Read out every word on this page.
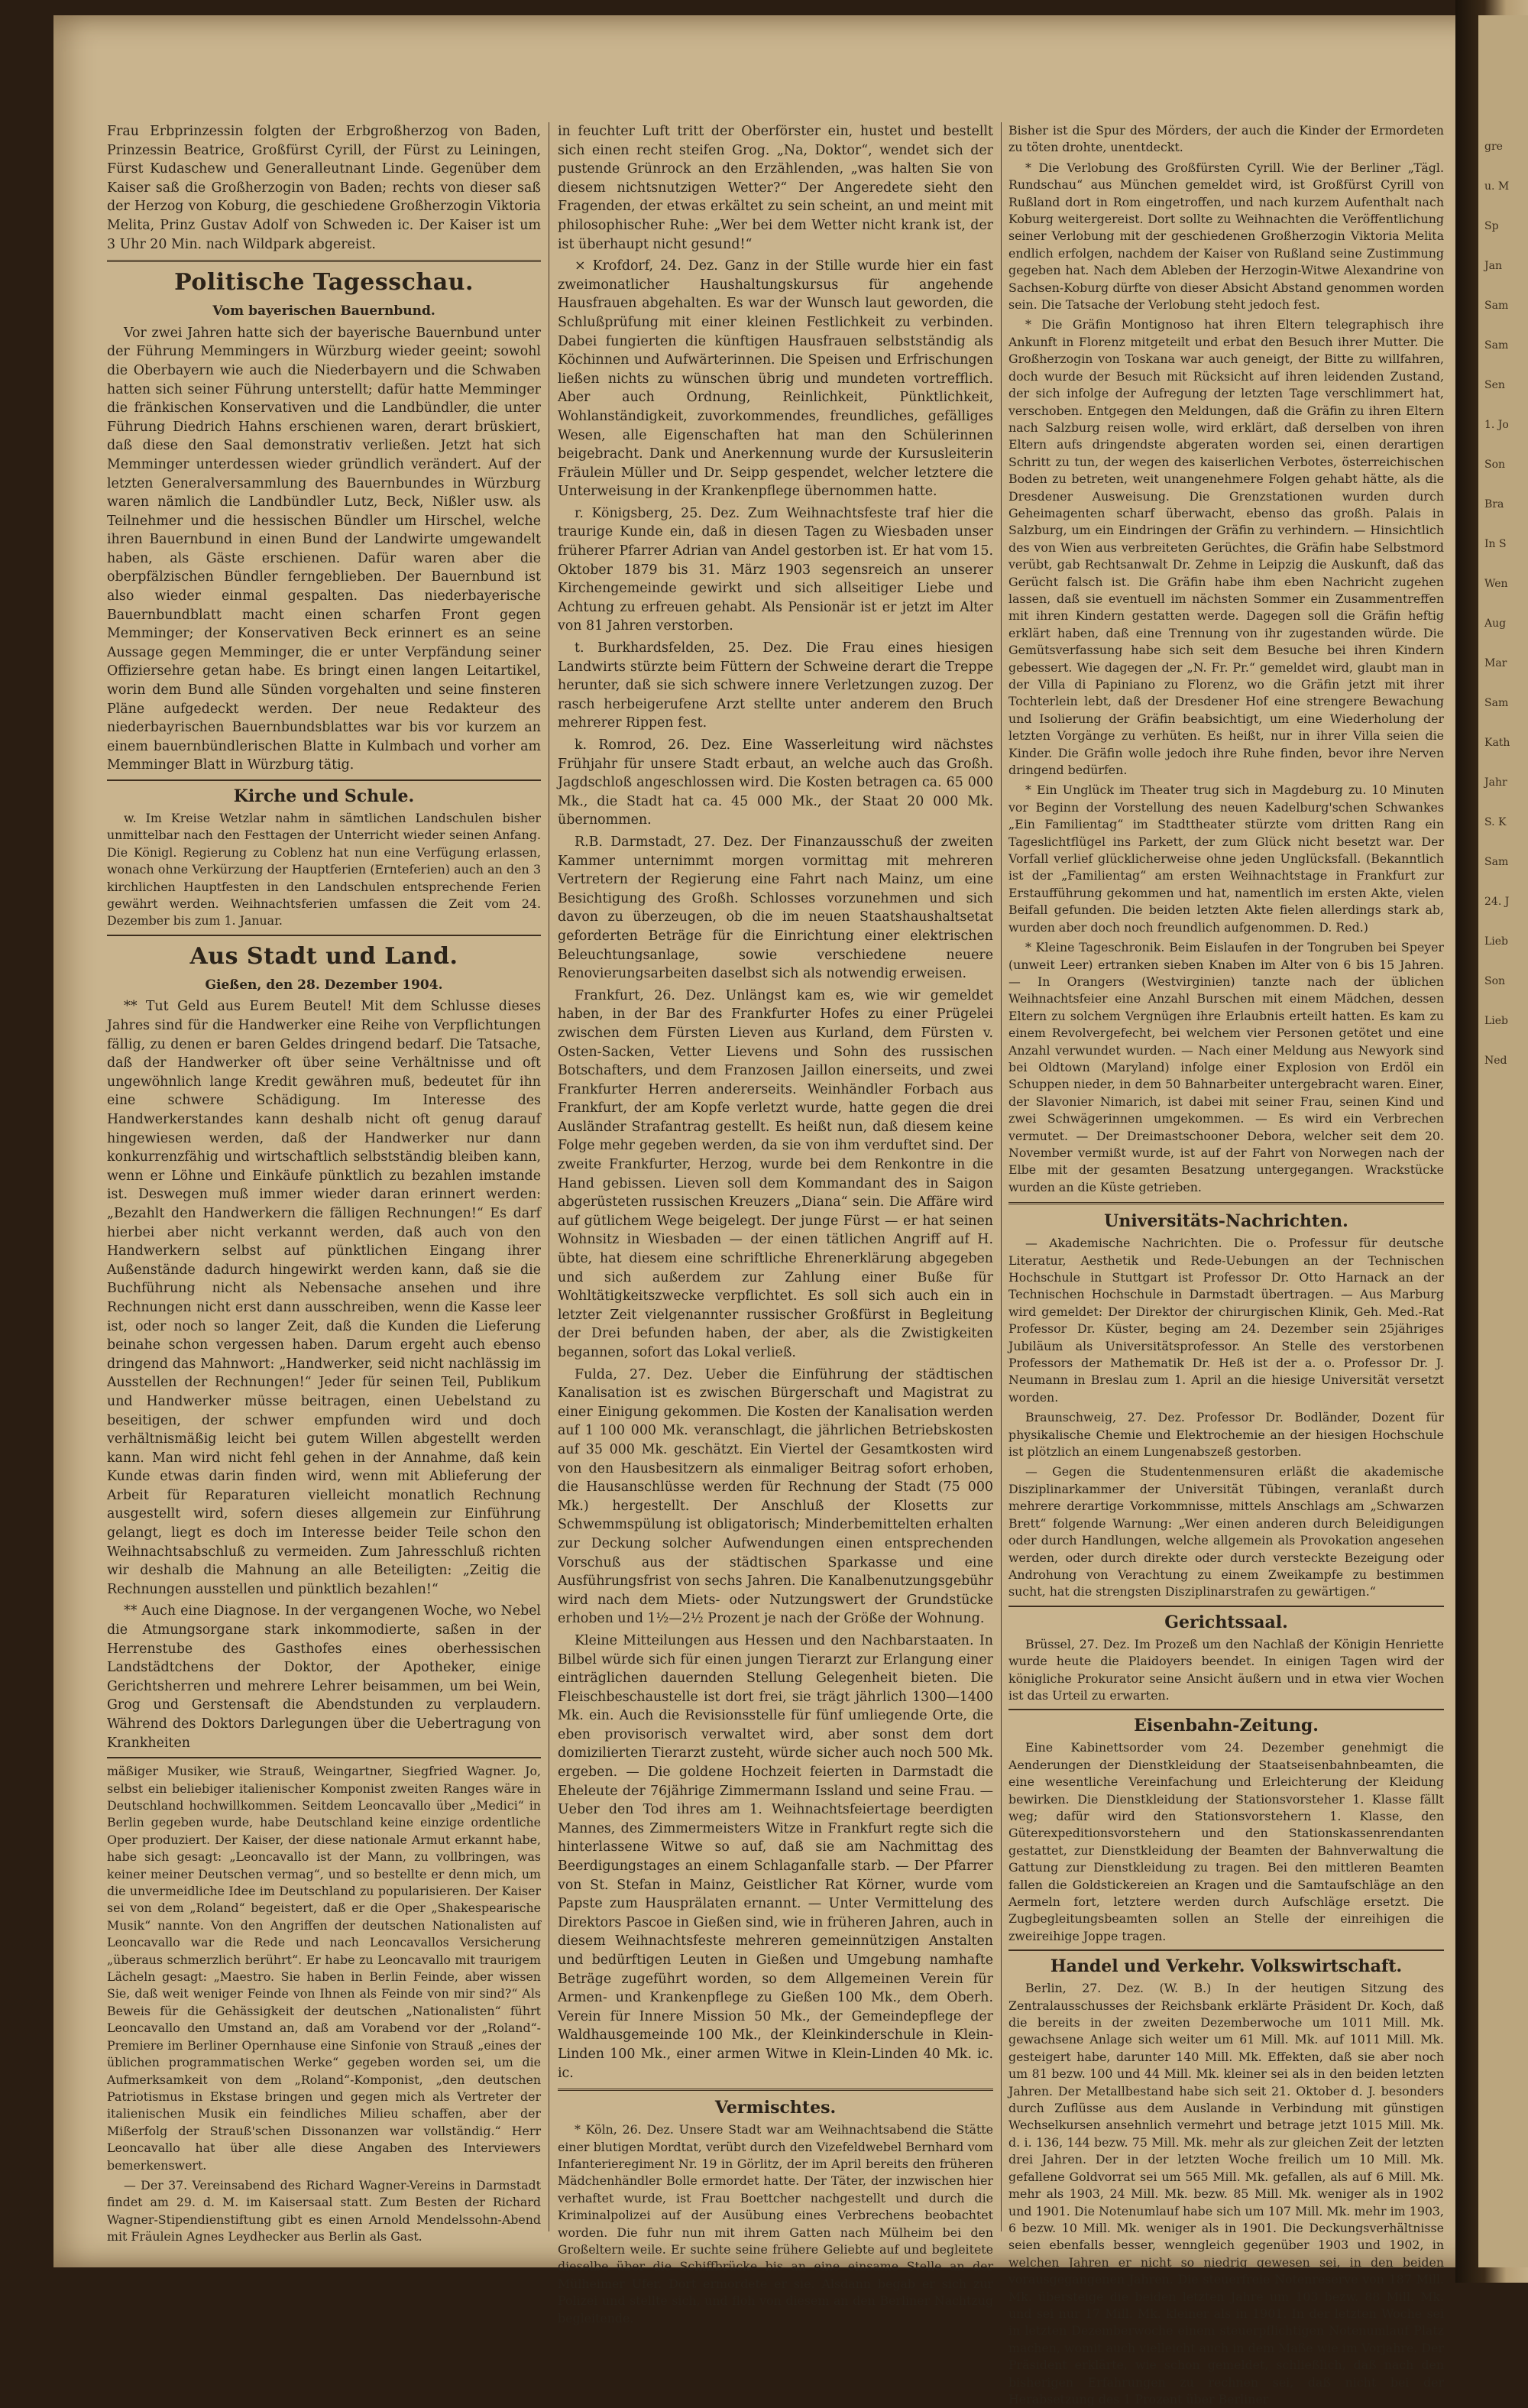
gre
u. M
Sp
Jan
Sam
Sam
Sen
1. Jo
Son
Bra
In S
Wen
Aug
Mar
Sam
Kath
Jahr
S. K
Sam
24. J
Lieb
Son
Lieb
Ned

Frau Erbprinzessin folgten der Erbgroßherzog von Baden, Prinzessin Beatrice, Großfürst Cyrill, der Fürst zu Leiningen, Fürst Kudaschew und Generalleutnant Linde. Gegenüber dem Kaiser saß die Großherzogin von Baden; rechts von dieser saß der Herzog von Koburg, die geschiedene Großherzogin Viktoria Melita, Prinz Gustav Adolf von Schweden ic. Der Kaiser ist um 3 Uhr 20 Min. nach Wildpark abgereist.

Politische Tagesschau.
Vom bayerischen Bauernbund.

Vor zwei Jahren hatte sich der bayerische Bauernbund unter der Führung Memmingers in Würzburg wieder geeint; sowohl die Oberbayern wie auch die Niederbayern und die Schwaben hatten sich seiner Führung unterstellt; dafür hatte Memminger die fränkischen Konservativen und die Landbündler, die unter Führung Diedrich Hahns erschienen waren, derart brüskiert, daß diese den Saal demonstrativ verließen. Jetzt hat sich Memminger unterdessen wieder gründlich verändert. Auf der letzten Generalversammlung des Bauernbundes in Würzburg waren nämlich die Landbündler Lutz, Beck, Nißler usw. als Teilnehmer und die hessischen Bündler um Hirschel, welche ihren Bauernbund in einen Bund der Landwirte umgewandelt haben, als Gäste erschienen. Dafür waren aber die oberpfälzischen Bündler ferngeblieben. Der Bauernbund ist also wieder einmal gespalten. Das niederbayerische Bauernbundblatt macht einen scharfen Front gegen Memminger; der Konservativen Beck erinnert es an seine Aussage gegen Memminger, die er unter Verpfändung seiner Offiziersehre getan habe. Es bringt einen langen Leitartikel, worin dem Bund alle Sünden vorgehalten und seine finsteren Pläne aufgedeckt werden. Der neue Redakteur des niederbayrischen Bauernbundsblattes war bis vor kurzem an einem bauernbündlerischen Blatte in Kulmbach und vorher am Memminger Blatt in Würzburg tätig.

Kirche und Schule.

w. Im Kreise Wetzlar nahm in sämtlichen Landschulen bisher unmittelbar nach den Festtagen der Unterricht wieder seinen Anfang. Die Königl. Regierung zu Coblenz hat nun eine Verfügung erlassen, wonach ohne Verkürzung der Hauptferien (Ernteferien) auch an den 3 kirchlichen Hauptfesten in den Landschulen entsprechende Ferien gewährt werden. Weihnachtsferien umfassen die Zeit vom 24. Dezember bis zum 1. Januar.

Aus Stadt und Land.
Gießen, den 28. Dezember 1904.

** Tut Geld aus Eurem Beutel! Mit dem Schlusse dieses Jahres sind für die Handwerker eine Reihe von Verpflichtungen fällig, zu denen er baren Geldes dringend bedarf. Die Tatsache, daß der Handwerker oft über seine Verhältnisse und oft ungewöhnlich lange Kredit gewähren muß, bedeutet für ihn eine schwere Schädigung. Im Interesse des Handwerkerstandes kann deshalb nicht oft genug darauf hingewiesen werden, daß der Handwerker nur dann konkurrenzfähig und wirtschaftlich selbstständig bleiben kann, wenn er Löhne und Einkäufe pünktlich zu bezahlen imstande ist. Deswegen muß immer wieder daran erinnert werden: „Bezahlt den Handwerkern die fälligen Rechnungen!“ Es darf hierbei aber nicht verkannt werden, daß auch von den Handwerkern selbst auf pünktlichen Eingang ihrer Außenstände dadurch hingewirkt werden kann, daß sie die Buchführung nicht als Nebensache ansehen und ihre Rechnungen nicht erst dann ausschreiben, wenn die Kasse leer ist, oder noch so langer Zeit, daß die Kunden die Lieferung beinahe schon vergessen haben. Darum ergeht auch ebenso dringend das Mahnwort: „Handwerker, seid nicht nachlässig im Ausstellen der Rechnungen!“ Jeder für seinen Teil, Publikum und Handwerker müsse beitragen, einen Uebelstand zu beseitigen, der schwer empfunden wird und doch verhältnismäßig leicht bei gutem Willen abgestellt werden kann. Man wird nicht fehl gehen in der Annahme, daß kein Kunde etwas darin finden wird, wenn mit Ablieferung der Arbeit für Reparaturen vielleicht monatlich Rechnung ausgestellt wird, sofern dieses allgemein zur Einführung gelangt, liegt es doch im Interesse beider Teile schon den Weihnachtsabschluß zu vermeiden. Zum Jahresschluß richten wir deshalb die Mahnung an alle Beteiligten: „Zeitig die Rechnungen ausstellen und pünktlich bezahlen!“

** Auch eine Diagnose. In der vergangenen Woche, wo Nebel die Atmungsorgane stark inkommodierte, saßen in der Herrenstube des Gasthofes eines oberhessischen Landstädtchens der Doktor, der Apotheker, einige Gerichtsherren und mehrere Lehrer beisammen, um bei Wein, Grog und Gerstensaft die Abendstunden zu verplaudern. Während des Doktors Darlegungen über die Uebertragung von Krankheiten

mäßiger Musiker, wie Strauß, Weingartner, Siegfried Wagner. Jo, selbst ein beliebiger italienischer Komponist zweiten Ranges wäre in Deutschland hochwillkommen. Seitdem Leoncavallo über „Medici“ in Berlin gegeben wurde, habe Deutschland keine einzige ordentliche Oper produziert. Der Kaiser, der diese nationale Armut erkannt habe, habe sich gesagt: „Leoncavallo ist der Mann, zu vollbringen, was keiner meiner Deutschen vermag“, und so bestellte er denn mich, um die unvermeidliche Idee im Deutschland zu popularisieren. Der Kaiser sei von dem „Roland“ begeistert, daß er die Oper „Shakespearische Musik“ nannte. Von den Angriffen der deutschen Nationalisten auf Leoncavallo war die Rede und nach Leoncavallos Versicherung „überaus schmerzlich berührt“. Er habe zu Leoncavallo mit traurigem Lächeln gesagt: „Maestro. Sie haben in Berlin Feinde, aber wissen Sie, daß weit weniger Feinde von Ihnen als Feinde von mir sind?“ Als Beweis für die Gehässigkeit der deutschen „Nationalisten“ führt Leoncavallo den Umstand an, daß am Vorabend vor der „Roland“-Premiere im Berliner Opernhause eine Sinfonie von Strauß „eines der üblichen programmatischen Werke“ gegeben worden sei, um die Aufmerksamkeit von dem „Roland“-Komponist, „den deutschen Patriotismus in Ekstase bringen und gegen mich als Vertreter der italienischen Musik ein feindliches Milieu schaffen, aber der Mißerfolg der Strauß'schen Dissonanzen war vollständig.“ Herr Leoncavallo hat über alle diese Angaben des Interviewers bemerkenswert.

— Der 37. Vereinsabend des Richard Wagner-Vereins in Darmstadt findet am 29. d. M. im Kaisersaal statt. Zum Besten der Richard Wagner-Stipendienstiftung gibt es einen Arnold Mendelssohn-Abend mit Fräulein Agnes Leydhecker aus Berlin als Gast.

in feuchter Luft tritt der Oberförster ein, hustet und bestellt sich einen recht steifen Grog. „Na, Doktor“, wendet sich der pustende Grünrock an den Erzählenden, „was halten Sie von diesem nichtsnutzigen Wetter?“ Der Angeredete sieht den Fragenden, der etwas erkältet zu sein scheint, an und meint mit philosophischer Ruhe: „Wer bei dem Wetter nicht krank ist, der ist überhaupt nicht gesund!“

× Krofdorf, 24. Dez. Ganz in der Stille wurde hier ein fast zweimonatlicher Haushaltungskursus für angehende Hausfrauen abgehalten. Es war der Wunsch laut geworden, die Schlußprüfung mit einer kleinen Festlichkeit zu verbinden. Dabei fungierten die künftigen Hausfrauen selbstständig als Köchinnen und Aufwärterinnen. Die Speisen und Erfrischungen ließen nichts zu wünschen übrig und mundeten vortrefflich. Aber auch Ordnung, Reinlichkeit, Pünktlichkeit, Wohlanständigkeit, zuvorkommendes, freundliches, gefälliges Wesen, alle Eigenschaften hat man den Schülerinnen beigebracht. Dank und Anerkennung wurde der Kursusleiterin Fräulein Müller und Dr. Seipp gespendet, welcher letztere die Unterweisung in der Krankenpflege übernommen hatte.

r. Königsberg, 25. Dez. Zum Weihnachtsfeste traf hier die traurige Kunde ein, daß in diesen Tagen zu Wiesbaden unser früherer Pfarrer Adrian van Andel gestorben ist. Er hat vom 15. Oktober 1879 bis 31. März 1903 segensreich an unserer Kirchengemeinde gewirkt und sich allseitiger Liebe und Achtung zu erfreuen gehabt. Als Pensionär ist er jetzt im Alter von 81 Jahren verstorben.

t. Burkhardsfelden, 25. Dez. Die Frau eines hiesigen Landwirts stürzte beim Füttern der Schweine derart die Treppe herunter, daß sie sich schwere innere Verletzungen zuzog. Der rasch herbeigerufene Arzt stellte unter anderem den Bruch mehrerer Rippen fest.

k. Romrod, 26. Dez. Eine Wasserleitung wird nächstes Frühjahr für unsere Stadt erbaut, an welche auch das Großh. Jagdschloß angeschlossen wird. Die Kosten betragen ca. 65 000 Mk., die Stadt hat ca. 45 000 Mk., der Staat 20 000 Mk. übernommen.

R.B. Darmstadt, 27. Dez. Der Finanzausschuß der zweiten Kammer unternimmt morgen vormittag mit mehreren Vertretern der Regierung eine Fahrt nach Mainz, um eine Besichtigung des Großh. Schlosses vorzunehmen und sich davon zu überzeugen, ob die im neuen Staatshaushaltsetat geforderten Beträge für die Einrichtung einer elektrischen Beleuchtungsanlage, sowie verschiedene neuere Renovierungsarbeiten daselbst sich als notwendig erweisen.

Frankfurt, 26. Dez. Unlängst kam es, wie wir gemeldet haben, in der Bar des Frankfurter Hofes zu einer Prügelei zwischen dem Fürsten Lieven aus Kurland, dem Fürsten v. Osten-Sacken, Vetter Lievens und Sohn des russischen Botschafters, und dem Franzosen Jaillon einerseits, und zwei Frankfurter Herren andererseits. Weinhändler Forbach aus Frankfurt, der am Kopfe verletzt wurde, hatte gegen die drei Ausländer Strafantrag gestellt. Es heißt nun, daß diesem keine Folge mehr gegeben werden, da sie von ihm verduftet sind. Der zweite Frankfurter, Herzog, wurde bei dem Renkontre in die Hand gebissen. Lieven soll dem Kommandant des in Saigon abgerüsteten russischen Kreuzers „Diana“ sein. Die Affäre wird auf gütlichem Wege beigelegt. Der junge Fürst — er hat seinen Wohnsitz in Wiesbaden — der einen tätlichen Angriff auf H. übte, hat diesem eine schriftliche Ehrenerklärung abgegeben und sich außerdem zur Zahlung einer Buße für Wohltätigkeitszwecke verpflichtet. Es soll sich auch ein in letzter Zeit vielgenannter russischer Großfürst in Begleitung der Drei befunden haben, der aber, als die Zwistigkeiten begannen, sofort das Lokal verließ.

Fulda, 27. Dez. Ueber die Einführung der städtischen Kanalisation ist es zwischen Bürgerschaft und Magistrat zu einer Einigung gekommen. Die Kosten der Kanalisation werden auf 1 100 000 Mk. veranschlagt, die jährlichen Betriebskosten auf 35 000 Mk. geschätzt. Ein Viertel der Gesamtkosten wird von den Hausbesitzern als einmaliger Beitrag sofort erhoben, die Hausanschlüsse werden für Rechnung der Stadt (75 000 Mk.) hergestellt. Der Anschluß der Klosetts zur Schwemmspülung ist obligatorisch; Minderbemittelten erhalten zur Deckung solcher Aufwendungen einen entsprechenden Vorschuß aus der städtischen Sparkasse und eine Ausführungsfrist von sechs Jahren. Die Kanalbenutzungsgebühr wird nach dem Miets- oder Nutzungswert der Grundstücke erhoben und 1½—2½ Prozent je nach der Größe der Wohnung.

Kleine Mitteilungen aus Hessen und den Nachbarstaaten. In Bilbel würde sich für einen jungen Tierarzt zur Erlangung einer einträglichen dauernden Stellung Gelegenheit bieten. Die Fleischbeschaustelle ist dort frei, sie trägt jährlich 1300—1400 Mk. ein. Auch die Revisionsstelle für fünf umliegende Orte, die eben provisorisch verwaltet wird, aber sonst dem dort domizilierten Tierarzt zusteht, würde sicher auch noch 500 Mk. ergeben. — Die goldene Hochzeit feierten in Darmstadt die Eheleute der 76jährige Zimmermann Issland und seine Frau. — Ueber den Tod ihres am 1. Weihnachtsfeiertage beerdigten Mannes, des Zimmermeisters Witze in Frankfurt regte sich die hinterlassene Witwe so auf, daß sie am Nachmittag des Beerdigungstages an einem Schlaganfalle starb. — Der Pfarrer von St. Stefan in Mainz, Geistlicher Rat Körner, wurde vom Papste zum Hausprälaten ernannt. — Unter Vermittelung des Direktors Pascoe in Gießen sind, wie in früheren Jahren, auch in diesem Weihnachtsfeste mehreren gemeinnützigen Anstalten und bedürftigen Leuten in Gießen und Umgebung namhafte Beträge zugeführt worden, so dem Allgemeinen Verein für Armen- und Krankenpflege zu Gießen 100 Mk., dem Oberh. Verein für Innere Mission 50 Mk., der Gemeindepflege der Waldhausgemeinde 100 Mk., der Kleinkinderschule in Klein-Linden 100 Mk., einer armen Witwe in Klein-Linden 40 Mk. ic. ic.

Vermischtes.

* Köln, 26. Dez. Unsere Stadt war am Weihnachtsabend die Stätte einer blutigen Mordtat, verübt durch den Vizefeldwebel Bernhard vom Infanterieregiment Nr. 19 in Görlitz, der im April bereits den früheren Mädchenhändler Bolle ermordet hatte. Der Täter, der inzwischen hier verhaftet wurde, ist Frau Boettcher nachgestellt und durch die Kriminalpolizei auf der Ausübung eines Verbrechens beobachtet worden. Die fuhr nun mit ihrem Gatten nach Mülheim bei den Großeltern weile. Er suchte seine frühere Geliebte auf und begleitete dieselbe über die Schiffbrücke bis an eine einsame Stelle an der Mülheimer Ufer. Dort ermordete er sie. Alsdann begab er sich zur Polizei und stellte sich, und floh von diesem an den Berliner Nachtzug begleitende.

Bisher ist die Spur des Mörders, der auch die Kinder der Ermordeten zu töten drohte, unentdeckt.

* Die Verlobung des Großfürsten Cyrill. Wie der Berliner „Tägl. Rundschau“ aus München gemeldet wird, ist Großfürst Cyrill von Rußland dort in Rom eingetroffen, und nach kurzem Aufenthalt nach Koburg weitergereist. Dort sollte zu Weihnachten die Veröffentlichung seiner Verlobung mit der geschiedenen Großherzogin Viktoria Melita endlich erfolgen, nachdem der Kaiser von Rußland seine Zustimmung gegeben hat. Nach dem Ableben der Herzogin-Witwe Alexandrine von Sachsen-Koburg dürfte von dieser Absicht Abstand genommen worden sein. Die Tatsache der Verlobung steht jedoch fest.

* Die Gräfin Montignoso hat ihren Eltern telegraphisch ihre Ankunft in Florenz mitgeteilt und erbat den Besuch ihrer Mutter. Die Großherzogin von Toskana war auch geneigt, der Bitte zu willfahren, doch wurde der Besuch mit Rücksicht auf ihren leidenden Zustand, der sich infolge der Aufregung der letzten Tage verschlimmert hat, verschoben. Entgegen den Meldungen, daß die Gräfin zu ihren Eltern nach Salzburg reisen wolle, wird erklärt, daß derselben von ihren Eltern aufs dringendste abgeraten worden sei, einen derartigen Schritt zu tun, der wegen des kaiserlichen Verbotes, österreichischen Boden zu betreten, weit unangenehmere Folgen gehabt hätte, als die Dresdener Ausweisung. Die Grenzstationen wurden durch Geheimagenten scharf überwacht, ebenso das großh. Palais in Salzburg, um ein Eindringen der Gräfin zu verhindern. — Hinsichtlich des von Wien aus verbreiteten Gerüchtes, die Gräfin habe Selbstmord verübt, gab Rechtsanwalt Dr. Zehme in Leipzig die Auskunft, daß das Gerücht falsch ist. Die Gräfin habe ihm eben Nachricht zugehen lassen, daß sie eventuell im nächsten Sommer ein Zusammentreffen mit ihren Kindern gestatten werde. Dagegen soll die Gräfin heftig erklärt haben, daß eine Trennung von ihr zugestanden würde. Die Gemütsverfassung habe sich seit dem Besuche bei ihren Kindern gebessert. Wie dagegen der „N. Fr. Pr.“ gemeldet wird, glaubt man in der Villa di Papiniano zu Florenz, wo die Gräfin jetzt mit ihrer Tochterlein lebt, daß der Dresdener Hof eine strengere Bewachung und Isolierung der Gräfin beabsichtigt, um eine Wiederholung der letzten Vorgänge zu verhüten. Es heißt, nur in ihrer Villa seien die Kinder. Die Gräfin wolle jedoch ihre Ruhe finden, bevor ihre Nerven dringend bedürfen.

* Ein Unglück im Theater trug sich in Magdeburg zu. 10 Minuten vor Beginn der Vorstellung des neuen Kadelburg'schen Schwankes „Ein Familientag“ im Stadttheater stürzte vom dritten Rang ein Tageslichtflügel ins Parkett, der zum Glück nicht besetzt war. Der Vorfall verlief glücklicherweise ohne jeden Unglücksfall. (Bekanntlich ist der „Familientag“ am ersten Weihnachtstage in Frankfurt zur Erstaufführung gekommen und hat, namentlich im ersten Akte, vielen Beifall gefunden. Die beiden letzten Akte fielen allerdings stark ab, wurden aber doch noch freundlich aufgenommen. D. Red.)

* Kleine Tageschronik. Beim Eislaufen in der Tongruben bei Speyer (unweit Leer) ertranken sieben Knaben im Alter von 6 bis 15 Jahren. — In Orangers (Westvirginien) tanzte nach der üblichen Weihnachtsfeier eine Anzahl Burschen mit einem Mädchen, dessen Eltern zu solchem Vergnügen ihre Erlaubnis erteilt hatten. Es kam zu einem Revolvergefecht, bei welchem vier Personen getötet und eine Anzahl verwundet wurden. — Nach einer Meldung aus Newyork sind bei Oldtown (Maryland) infolge einer Explosion von Erdöl ein Schuppen nieder, in dem 50 Bahnarbeiter untergebracht waren. Einer, der Slavonier Nimarich, ist dabei mit seiner Frau, seinen Kind und zwei Schwägerinnen umgekommen. — Es wird ein Verbrechen vermutet. — Der Dreimastschooner Debora, welcher seit dem 20. November vermißt wurde, ist auf der Fahrt von Norwegen nach der Elbe mit der gesamten Besatzung untergegangen. Wrackstücke wurden an die Küste getrieben.

Universitäts-Nachrichten.

— Akademische Nachrichten. Die o. Professur für deutsche Literatur, Aesthetik und Rede-Uebungen an der Technischen Hochschule in Stuttgart ist Professor Dr. Otto Harnack an der Technischen Hochschule in Darmstadt übertragen. — Aus Marburg wird gemeldet: Der Direktor der chirurgischen Klinik, Geh. Med.-Rat Professor Dr. Küster, beging am 24. Dezember sein 25jähriges Jubiläum als Universitätsprofessor. An Stelle des verstorbenen Professors der Mathematik Dr. Heß ist der a. o. Professor Dr. J. Neumann in Breslau zum 1. April an die hiesige Universität versetzt worden.

Braunschweig, 27. Dez. Professor Dr. Bodländer, Dozent für physikalische Chemie und Elektrochemie an der hiesigen Hochschule ist plötzlich an einem Lungenabszeß gestorben.

— Gegen die Studentenmensuren erläßt die akademische Disziplinarkammer der Universität Tübingen, veranlaßt durch mehrere derartige Vorkommnisse, mittels Anschlags am „Schwarzen Brett“ folgende Warnung: „Wer einen anderen durch Beleidigungen oder durch Handlungen, welche allgemein als Provokation angesehen werden, oder durch direkte oder durch versteckte Bezeigung oder Androhung von Verachtung zu einem Zweikampfe zu bestimmen sucht, hat die strengsten Disziplinarstrafen zu gewärtigen.“

Gerichtssaal.

Brüssel, 27. Dez. Im Prozeß um den Nachlaß der Königin Henriette wurde heute die Plaidoyers beendet. In einigen Tagen wird der königliche Prokurator seine Ansicht äußern und in etwa vier Wochen ist das Urteil zu erwarten.

Eisenbahn-Zeitung.

Eine Kabinettsorder vom 24. Dezember genehmigt die Aenderungen der Dienstkleidung der Staatseisenbahnbeamten, die eine wesentliche Vereinfachung und Erleichterung der Kleidung bewirken. Die Dienstkleidung der Stationsvorsteher 1. Klasse fällt weg; dafür wird den Stationsvorstehern 1. Klasse, den Güterexpeditionsvorstehern und den Stationskassenrendanten gestattet, zur Dienstkleidung der Beamten der Bahnverwaltung die Gattung zur Dienstkleidung zu tragen. Bei den mittleren Beamten fallen die Goldstickereien an Kragen und die Samtaufschläge an den Aermeln fort, letztere werden durch Aufschläge ersetzt. Die Zugbegleitungsbeamten sollen an Stelle der einreihigen die zweireihige Joppe tragen.

Handel und Verkehr. Volkswirtschaft.

Berlin, 27. Dez. (W. B.) In der heutigen Sitzung des Zentralausschusses der Reichsbank erklärte Präsident Dr. Koch, daß die bereits in der zweiten Dezemberwoche um 1011 Mill. Mk. gewachsene Anlage sich weiter um 61 Mill. Mk. auf 1011 Mill. Mk. gesteigert habe, darunter 140 Mill. Mk. Effekten, daß sie aber noch um 81 bezw. 100 und 44 Mill. Mk. kleiner sei als in den beiden letzten Jahren. Der Metallbestand habe sich seit 21. Oktober d. J. besonders durch Zuflüsse aus dem Auslande in Verbindung mit günstigen Wechselkursen ansehnlich vermehrt und betrage jetzt 1015 Mill. Mk. d. i. 136, 144 bezw. 75 Mill. Mk. mehr als zur gleichen Zeit der letzten drei Jahren. Der in der letzten Woche freilich um 10 Mill. Mk. gefallene Goldvorrat sei um 565 Mill. Mk. gefallen, als auf 6 Mill. Mk. mehr als 1903, 24 Mill. Mk. bezw. 85 Mill. Mk. weniger als in 1902 und 1901. Die Notenumlauf habe sich um 107 Mill. Mk. mehr im 1903, 6 bezw. 10 Mill. Mk. weniger als in 1901. Die Deckungsverhältnisse seien ebenfalls besser, wenngleich gegenüber 1903 und 1902, in welchen Jahren er nicht so niedrig gewesen sei, in den beiden vorausgegangenen Jahren. Die steuerfreie Notenreserve von 187 Mill. Mk. übersteige die beiden letzten Jahre um 103 bezw. 88 Mill. Mk. und sei nur 17 Mill. Mk. kleiner als in 1901. In der letzten Woche sei in letzten Dezemberwoche einem steuerpflichtigen Notenumlauf Platz machen, womit auch vielleicht auch in dem Maße wie im Vorjahre. Der Präsident erklärte, wie schon gemeldet, schließlich, daß nach den bisherigen Erfahrungen zu rechnen sei, daß nicht bei der Herabsetzung des 1 Prozent über Berliner
